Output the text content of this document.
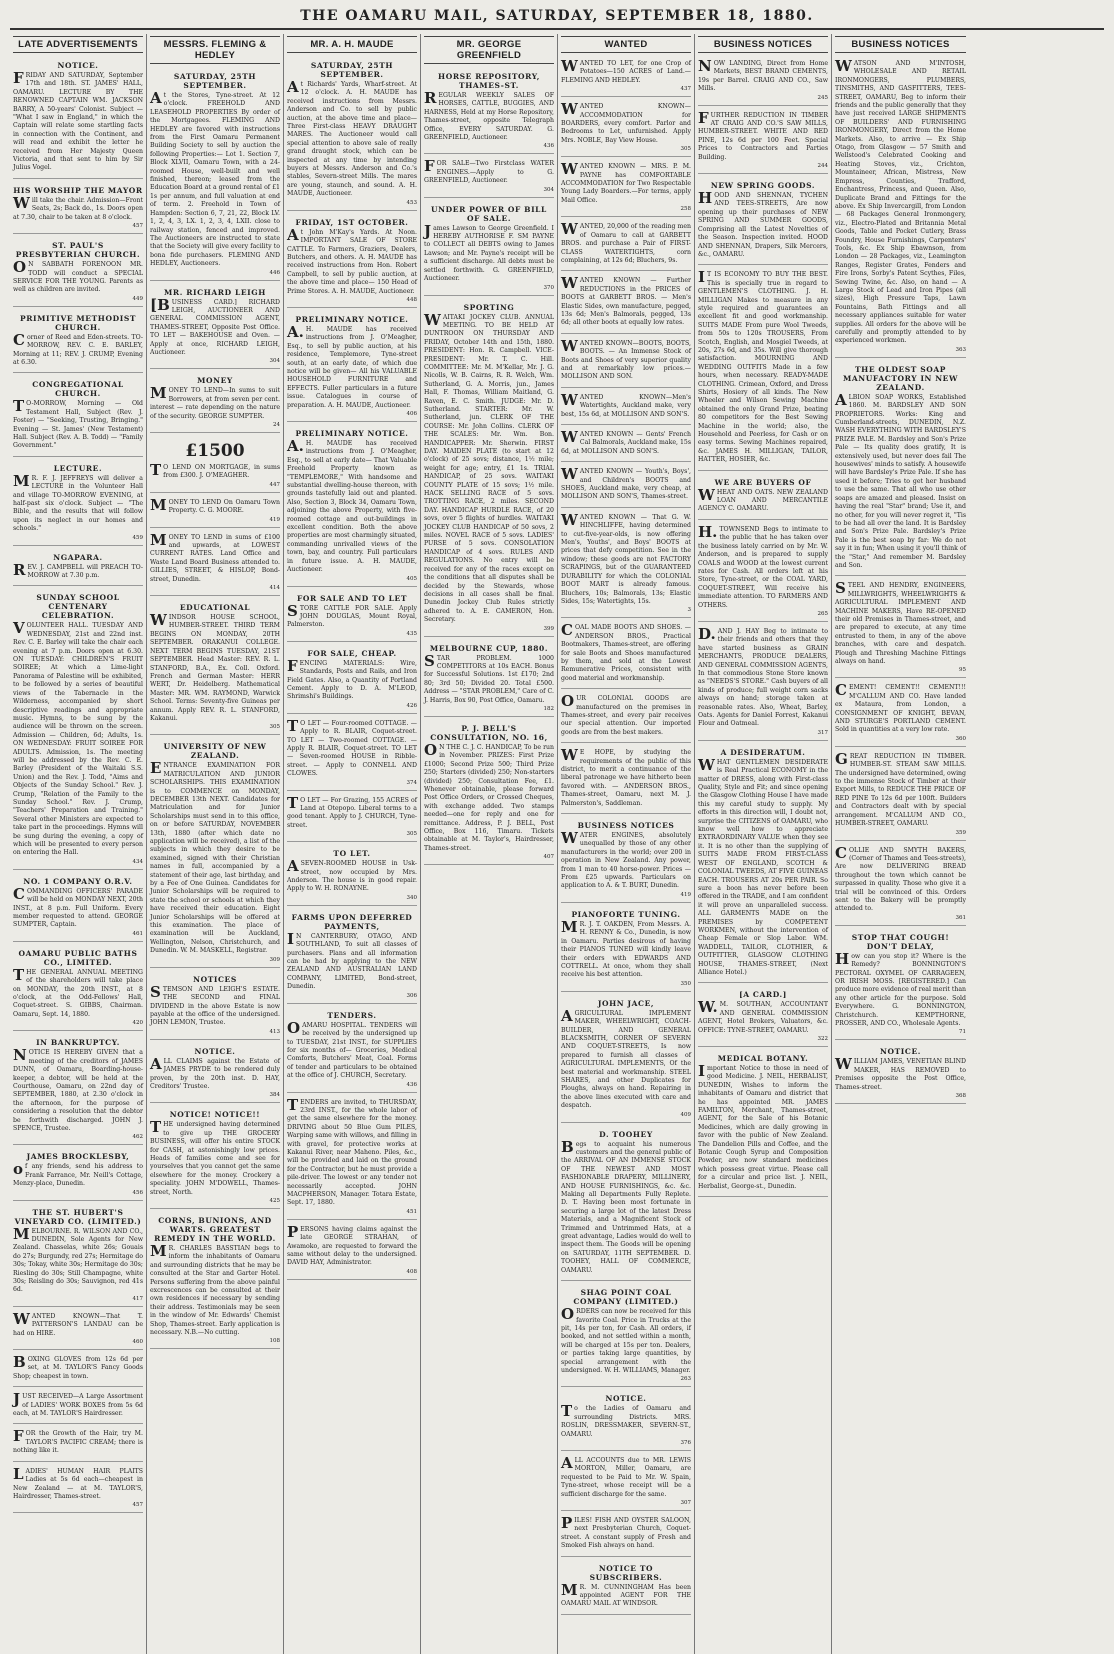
THE OAMARU MAIL, SATURDAY, SEPTEMBER 18, 1880.
LATE ADVERTISEMENTS
NOTICE.
FRIDAY AND SATURDAY, September 17th and 18th. ST. JAMES' HALL, OAMARU. LECTURE BY THE RENOWNED CAPTAIN WM. JACKSON BARRY, A 50-years' Colonist. Subject — "What I saw in England," in which the Captain will relate some startling facts in connection with the Continent, and will read and exhibit the letter he received from Her Majesty Queen Victoria, and that sent to him by Sir Julius Vogel.
HIS WORSHIP THE MAYOR
Will take the chair. Admission—Front Seats, 2s; Back do., 1s. Doors open at 7.30, chair to be taken at 8 o'clock.
457
ST. PAUL'S PRESBYTERIAN CHURCH.
ON SABBATH FORENOON MR. TODD will conduct a SPECIAL SERVICE FOR THE YOUNG. Parents as well as children are invited.
449
PRIMITIVE METHODIST CHURCH.
Corner of Reed and Eden-streets. TO-MORROW, REV. C. E. BARLEY, Morning at 11; REV. J. CRUMP, Evening at 6.30.
CONGREGATIONAL CHURCH.
TO-MORROW, Morning — Old Testament Hall, Subject (Rev. J. Foster) — "Seeking, Trusting, Bringing." Evening — St. James' (New Testament) Hall. Subject (Rev. A. B. Todd) — "Family Government."
LECTURE.
MR. F. J. JEFFREYS will deliver a LECTURE in the Volunteer Hall and village TO-MORROW EVENING, at half-past six o'clock. Subject — "The Bible, and the results that will follow upon its neglect in our homes and schools."
459
NGAPARA.
REV. J. CAMPBELL will PREACH TO-MORROW at 7.30 p.m.
SUNDAY SCHOOL CENTENARY CELEBRATION.
VOLUNTEER HALL. TUESDAY AND WEDNESDAY, 21st and 22nd inst. Rev. C. E. Barley will take the chair each evening at 7 p.m. Doors open at 6.30. ON TUESDAY: CHILDREN'S FRUIT SOIREE; At which a Lime-light Panorama of Palestine will be exhibited, to be followed by a series of beautiful views of the Tabernacle in the Wilderness, accompanied by short descriptive readings and appropriate music. Hymns, to be sung by the audience will be thrown on the screen. Admission — Children, 6d; Adults, 1s. ON WEDNESDAY: FRUIT SOIREE FOR ADULTS. Admission, 1s. The meeting will be addressed by the Rev. C. E. Barley (President of the Waitaki S.S. Union) and the Rev. J. Todd, "Aims and Objects of the Sunday School." Rev. J. Crump, "Relation of the Family to the Sunday School." Rev. J. Crump, "Teachers' Preparation and Training." Several other Ministers are expected to take part in the proceedings. Hymns will be sung during the evening, a copy of which will be presented to every person on entering the Hall.
434
NO. 1 COMPANY O.R.V.
COMMANDING OFFICERS' PARADE will be held on MONDAY NEXT, 20th INST., at 8 p.m. Full Uniform. Every member requested to attend. GEORGE SUMPTER, Captain.
461
OAMARU PUBLIC BATHS CO., LIMITED.
THE GENERAL ANNUAL MEETING of the shareholders will take place on MONDAY, the 20th INST., at 8 o'clock, at the Odd-Fellows' Hall, Coquet-street. S. GIBBS, Chairman. Oamaru, Sept. 14, 1880.
420
IN BANKRUPTCY.
NOTICE IS HEREBY GIVEN that a meeting of the creditors of JAMES DUNN, of Oamaru, Boarding-house-keeper, a debtor, will be held at the Courthouse, Oamaru, on 22nd day of SEPTEMBER, 1880, at 2.30 o'clock in the afternoon, for the purpose of considering a resolution that the debtor be forthwith discharged. JOHN J. SPENCE, Trustee.
462
JAMES BROCKLESBY,
of any friends, send his address to Frank Farrance, Mr. Neill's Cottage, Menzy-place, Dunedin.
456
THE ST. HUBERT'S VINEYARD CO. (LIMITED.)
MELBOURNE. R. WILSON AND CO., DUNEDIN, Sole Agents for New Zealand. Chasselas, white 26s; Gouais do 27s; Burgundy, red 27s; Hermitage do 30s; Tokay, white 30s; Hermitage do 30s; Riesling do 30s; Still Champagne, white 30s; Reisling do 30s; Sauvignon, red 41s 6d.
417
WANTED KNOWN—That T. PATTERSON'S LANDAU can be had on HIRE.
460
BOXING GLOVES from 12s 6d per set, at M. TAYLOR'S Fancy Goods Shop; cheapest in town.
JUST RECEIVED—A Large Assortment of LADIES' WORK BOXES from 5s 6d each, at M. TAYLOR'S Hairdresser.
FOR the Growth of the Hair, try M. TAYLOR'S PACIFIC CREAM; there is nothing like it.
LADIES' HUMAN HAIR PLAITS Ladies at 5s 6d each—cheapest in New Zealand — at M. TAYLOR'S, Hairdresser, Thames-street.
457
MESSRS. FLEMING & HEDLEY
SATURDAY, 25TH SEPTEMBER.
At the Stores, Tyne-street. At 12 o'clock. FREEHOLD AND LEASEHOLD PROPERTIES By order of the Mortgagees. FLEMING AND HEDLEY are favored with instructions from the First Oamaru Permanent Building Society to sell by auction the following Properties:— Lot 1. Section 7, Block XLVII, Oamaru Town, with a 24-roomed House, well-built and well finished, thereon; leased from the Education Board at a ground rental of £1 1s per annum, and full valuation at end of term. 2. Freehold in Town of Hampden: Section 6, 7, 21, 22, Block LV. 1, 2, 4, 3, LX. 1, 2, 3, 4, LXII. close to railway station, fenced and improved. The Auctioneers are instructed to state that the Society will give every facility to bona fide purchasers. FLEMING AND HEDLEY, Auctioneers.
446
MR. RICHARD LEIGH
[BUSINESS CARD.] RICHARD LEIGH, AUCTIONEER AND GENERAL COMMISSION AGENT, THAMES-STREET, Opposite Post Office. TO LET — BAKEHOUSE and Oven. — Apply at once, RICHARD LEIGH, Auctioneer.
304
MONEY
MONEY TO LEND—In sums to suit Borrowers, at from seven per cent. interest — rate depending on the nature of the security. GEORGE SUMPTER.
24
£1500
TO LEND ON MORTGAGE, in sums from £300. J. O'MEAGHER.
447
MONEY TO LEND On Oamaru Town Property. C. G. MOORE.
419
MONEY TO LEND in sums of £100 and upwards, at LOWEST CURRENT RATES. Land Office and Waste Land Board Business attended to. GILLIES, STREET, & HISLOP, Bond-street, Dunedin.
414
EDUCATIONAL
WINDSOR HOUSE SCHOOL, HUMBER-STREET. THIRD TERM BEGINS ON MONDAY, 20TH SEPTEMBER. ORAKANUI COLLEGE. NEXT TERM BEGINS TUESDAY, 21ST SEPTEMBER. Head Master: REV. R. L. STANFORD, B.A., Ex. Coll. Oxford. French and German Master: HERR WERT, Dr. Heidelberg. Mathematical Master: MR. WM. RAYMOND, Warwick School. Terms: Seventy-five Guineas per annum. Apply REV. R. L. STANFORD, Kakanui.
305
UNIVERSITY OF NEW ZEALAND.
ENTRANCE EXAMINATION FOR MATRICULATION AND JUNIOR SCHOLARSHIPS. THIS EXAMINATION is to COMMENCE on MONDAY, DECEMBER 13th NEXT. Candidates for Matriculation and for Junior Scholarships must send in to this office, on or before SATURDAY, NOVEMBER 13th, 1880 (after which date no application will be received), a list of the subjects in which they desire to be examined, signed with their Christian names in full, accompanied by a statement of their age, last birthday, and by a Fee of One Guinea. Candidates for Junior Scholarships will be required to state the school or schools at which they have received their education. Eight Junior Scholarships will be offered at this examination. The place of examination will be Auckland, Wellington, Nelson, Christchurch, and Dunedin. W. M. MASKELL, Registrar.
309
NOTICES
STEMSON AND LEIGH'S ESTATE. THE SECOND and FINAL DIVIDEND in the above Estate is now payable at the office of the undersigned. JOHN LEMON, Trustee.
413
NOTICE.
ALL CLAIMS against the Estate of JAMES PRYDE to be rendered duly proven, by the 20th inst. D. HAY, Creditors' Trustee.
384
NOTICE! NOTICE!!
THE undersigned having determined to give up THE GROCERY BUSINESS, will offer his entire STOCK for CASH, at astonishingly low prices. Heads of families come and see for yourselves that you cannot get the same elsewhere for the money. Crockery a speciality. JOHN M'DOWELL, Thames-street, North.
425
CORNS, BUNIONS, AND WARTS. GREATEST REMEDY IN THE WORLD.
MR. CHARLES BASSTIAN begs to inform the inhabitants of Oamaru and surrounding districts that he may be consulted at the Star and Garter Hotel. Persons suffering from the above painful excrescences can be consulted at their own residences if necessary by sending their address. Testimonials may be seen in the window of Mr. Edwards' Chemist Shop, Thames-street. Early application is necessary. N.B.—No cutting.
108
MR. A. H. MAUDE
SATURDAY, 25TH SEPTEMBER.
At Richards' Yards, Wharf-street. At 12 o'clock. A. H. MAUDE has received instructions from Messrs. Anderson and Co. to sell by public auction, at the above time and place— Three First-class HEAVY DRAUGHT MARES. The Auctioneer would call special attention to above sale of really grand draught stock, which can be inspected at any time by intending buyers at Messrs. Anderson and Co.'s stables, Severn-street Mills. The mares are young, staunch, and sound. A. H. MAUDE, Auctioneer.
453
FRIDAY, 1ST OCTOBER.
At John M'Kay's Yards. At Noon. IMPORTANT SALE OF STORE CATTLE. To Farmers, Graziers, Dealers, Butchers, and others. A. H. MAUDE has received instructions from Hon. Robert Campbell, to sell by public auction, at the above time and place— 150 Head of Prime Stores. A. H. MAUDE, Auctioneer.
448
PRELIMINARY NOTICE.
A.H. MAUDE has received instructions from J. O'Meagher, Esq., to sell by public auction, at his residence, Templemore, Tyne-street south, at an early date, of which due notice will be given— All his VALUABLE HOUSEHOLD FURNITURE and EFFECTS. Fuller particulars in a future issue. Catalogues in course of preparation. A. H. MAUDE, Auctioneer.
406
PRELIMINARY NOTICE.
A.H. MAUDE has received instructions from J. O'Meagher, Esq., to sell at early date— That Valuable Freehold Property known as "TEMPLEMORE," With handsome and substantial dwelling-house thereon, with grounds tastefully laid out and planted. Also, Section 3, Block 34, Oamaru Town, adjoining the above Property, with five-roomed cottage and out-buildings in excellent condition. Both the above properties are most charmingly situated, commanding unrivalled views of the town, bay, and country. Full particulars in future issue. A. H. MAUDE, Auctioneer.
405
FOR SALE AND TO LET
STORE CATTLE FOR SALE. Apply JOHN DOUGLAS, Mount Royal, Palmerston.
435
FOR SALE, CHEAP.
FENCING MATERIALS: Wire, Standards, Posts and Rails, and Iron Field Gates. Also, a Quantity of Portland Cement. Apply to D. A. M'LEOD, Shrimshi's Buildings.
426
TO LET — Four-roomed COTTAGE. — Apply to R. BLAIR, Coquet-street. TO LET — Two-roomed COTTAGE. — Apply R. BLAIR, Coquet-street. TO LET — Seven-roomed HOUSE in Ribble-street. — Apply to CONNELL AND CLOWES.
374
TO LET — For Grazing, 155 ACRES of Land at Otepopo. Liberal terms to a good tenant. Apply to J. CHURCH, Tyne-street.
305
TO LET.
ASEVEN-ROOMED HOUSE in Usk-street, now occupied by Mrs. Anderson. The house is in good repair. Apply to W. H. RONAYNE.
340
FARMS UPON DEFERRED PAYMENTS,
IN CANTERBURY, OTAGO, AND SOUTHLAND, To suit all classes of purchasers. Plans and all information can be had by applying to the NEW ZEALAND AND AUSTRALIAN LAND COMPANY, LIMITED, Bond-street, Dunedin.
306
TENDERS.
OAMARU HOSPITAL. TENDERS will be received by the undersigned up to TUESDAY, 21st INST., for SUPPLIES for six months of— Groceries, Medical Comforts, Butchers' Meat, Coal. Forms of tender and particulars to be obtained at the office of J. CHURCH, Secretary.
436
TENDERS are invited, to THURSDAY, 23rd INST., for the whole labor of get the same elsewhere for the money. DRIVING about 50 Blue Gum PILES, Warping same with willows, and filling in with gravel, for protective works at Kakanui River, near Maheno. Piles, &c., will be provided and laid on the ground for the Contractor, but he must provide a pile-driver. The lowest or any tender not necessarily accepted. JOHN MACPHERSON, Manager. Totara Estate, Sept. 17, 1880.
451
PERSONS having claims against the late GEORGE STRAHAN, of Awamoko, are requested to forward the same without delay to the undersigned. DAVID HAY, Administrator.
408
MR. GEORGE GREENFIELD
HORSE REPOSITORY, THAMES-ST.
REGULAR WEEKLY SALES OF HORSES, CATTLE, BUGGIES, AND HARNESS, Held at my Horse Repository, Thames-street, opposite Telegraph Office, EVERY SATURDAY. G. GREENFIELD, Auctioneer.
436
FOR SALE—Two Firstclass WATER ENGINES.—Apply to G. GREENFIELD, Auctioneer.
304
UNDER POWER OF BILL OF SALE.
James Lawson to George Greenfield. I HEREBY AUTHORISE F. SM PAYNE to COLLECT all DEBTS owing to James Lawson; and Mr. Payne's receipt will be a sufficient discharge. All debts must be settled forthwith. G. GREENFIELD, Auctioneer.
370
SPORTING
WAITAKI JOCKEY CLUB. ANNUAL MEETING. TO BE HELD AT DUNTROON ON THURSDAY AND FRIDAY, October 14th and 15th, 1880. PRESIDENT: Hon. R. Campbell. VICE-PRESIDENT: Mr. T. C. Hill. COMMITTEE: Mr. M. M'Kellar, Mr. J. G. Nicolls, W. B. Cairns, R. R. Welch, Wm. Sutherland, G. A. Morris, jun., James Hall, F. Thomas, William Maitland, G. Raven, E. C. Smith. JUDGE: Mr. D. Sutherland. STARTER: Mr. W. Sutherland, jun. CLERK OF THE COURSE: Mr. John Collins. CLERK OF THE SCALES: Mr. Wm. Bon. HANDICAPPER: Mr. Sherwin. FIRST DAY. MAIDEN PLATE (to start at 12 o'clock) of 25 sovs; distance, 1½ mile; weight for age; entry, £1 1s. TRIAL HANDICAP, of 25 sovs. WAITAKI COUNTY PLATE of 15 sovs; 1½ mile. HACK SELLING RACE of 5 sovs. TROTTING RACE, 2 miles. SECOND DAY. HANDICAP HURDLE RACE, of 20 sovs, over 5 flights of hurdles. WAITAKI JOCKEY CLUB HANDICAP of 50 sovs, 2 miles. NOVEL RACE of 5 sovs. LADIES' PURSE of 5 sovs. CONSOLATION HANDICAP of 4 sovs. RULES AND REGULATIONS. No entry will be received for any of the races except on the conditions that all disputes shall be decided by the Stewards, whose decisions in all cases shall be final. Dunedin Jockey Club Rules strictly adhered to. A. E. CAMERON, Hon. Secretary.
399
MELBOURNE CUP, 1880.
STAR PROBLEM. 1000 COMPETITORS at 10s EACH. Bonus for Successful Solutions. 1st £170; 2nd 80; 3rd 50; Divided 20. Total £500. Address — "STAR PROBLEM," Care of C. J. Harris, Box 90, Post Office, Oamaru.
182
P. J. BELL'S CONSULTATION, NO. 16,
ON THE C. J. C. HANDICAP, To be run in November. PRIZES: First Prize £1000; Second Prize 500; Third Prize 250; Starters (divided) 250; Non-starters (divided) 250; Consultation Fee, £1. Whenever obtainable, please forward Post Office Orders, or Crossed Cheques, with exchange added. Two stamps needed—one for reply and one for remittance. Address, P. J. BELL, Post Office, Box 116, Timaru. Tickets obtainable at M. Taylor's, Hairdresser, Thames-street.
407
WANTED
WANTED TO LET, for one Crop of Potatoes—150 ACRES of Land.—FLEMING AND HEDLEY.
437
WANTED KNOWN—ACCOMMODATION for BOARDERS, every comfort. Parlor and Bedrooms to Let, unfurnished. Apply Mrs. NOBLE, Bay View House.
305
WANTED KNOWN — MRS. P. M. PAYNE has COMFORTABLE ACCOMMODATION for Two Respectable Young Lady Boarders.—For terms, apply Mail Office.
258
WANTED, 20,000 of the reading men of Oamaru to call at GARBETT BROS. and purchase a Pair of FIRST-CLASS WATERTIGHTS, corn complaining, at 12s 6d; Bluchers, 9s.
WANTED KNOWN — Further REDUCTIONS in the PRICES of BOOTS at GARBETT BROS. — Men's Elastic Sides, own manufacture, pegged, 13s 6d; Men's Balmorals, pegged, 13s 6d; all other boots at equally low rates.
WANTED KNOWN—BOOTS, BOOTS, BOOTS. — An Immense Stock of Boots and Shoes of very superior quality and at remarkably low prices.—MOLLISON AND SON.
WANTED KNOWN—Men's Watertights, Auckland make, very best, 15s 6d, at MOLLISON AND SON'S.
WANTED KNOWN — Gents' French Cal Balmorals, Auckland make, 15s 6d, at MOLLISON AND SON'S.
WANTED KNOWN — Youth's, Boys', and Children's BOOTS and SHOES, Auckland make, very cheap, at MOLLISON AND SON'S, Thames-street.
WANTED KNOWN — That G. W. HINCHLIFFE, having determined to cut-five-year-olds, is now offering Men's, Youths', and Boys' BOOTS at prices that defy competition. See in the window; these goods are not FACTORY SCRAPINGS, but of the GUARANTEED DURABILITY for which the COLONIAL BOOT MART is already famous. Bluchers, 10s; Balmorals, 13s; Elastic Sides, 15s; Watertights, 15s.
3
COAL MADE BOOTS AND SHOES. — ANDERSON BROS., Practical Bootmakers, Thames-street, are offering for sale Boots and Shoes manufactured by them, and sold at the Lowest Remunerative Prices, consistent with good material and workmanship.
OUR COLONIAL GOODS are manufactured on the premises in Thames-street, and every pair receives our special attention. Our imported goods are from the best makers.
WE HOPE, by studying the requirements of the public of this district, to merit a continuance of the liberal patronage we have hitherto been favored with. — ANDERSON BROS., Thames-street, Oamaru, next M. J. Palmerston's, Saddleman.
BUSINESS NOTICES
WATER ENGINES, absolutely unequalled by those of any other manufacturers in the world; over 200 in operation in New Zealand. Any power, from 1 man to 40 horse-power. Prices — From £25 upwards. Particulars on application to A. & T. BURT, Dunedin.
419
PIANOFORTE TUNING.
MR. J. T. OAKDEN, From Messrs. A. H. RENNY & Co., Dunedin, is now in Oamaru. Parties desirous of having their PIANOS TUNED will kindly leave their orders with EDWARDS AND COTTRELL. At once, whom they shall receive his best attention.
350
JOHN JACE,
AGRICULTURAL IMPLEMENT MAKER, WHEELWRIGHT, COACH-BUILDER, AND GENERAL BLACKSMITH, CORNER OF SEVERN AND COQUET-STREETS, Is now prepared to furnish all classes of AGRICULTURAL IMPLEMENTS, Of the best material and workmanship. STEEL SHARES, and other Duplicates for Ploughs, always on hand. Repairing in the above lines executed with care and despatch.
409
D. TOOHEY
Begs to acquaint his numerous customers and the general public of the ARRIVAL OF AN IMMENSE STOCK OF THE NEWEST AND MOST FASHIONABLE DRAPERY, MILLINERY, AND HOUSE FURNISHINGS, &c. &c. Making all Departments Fully Replete. D. T. Having been most fortunate in securing a large lot of the latest Dress Materials, and a Magnificent Stock of Trimmed and Untrimmed Hats, at a great advantage, Ladies would do well to inspect them. The Goods will be opening on SATURDAY, 11TH SEPTEMBER. D. TOOHEY, HALL OF COMMERCE, OAMARU.
SHAG POINT COAL COMPANY (LIMITED.)
ORDERS can now be received for this favorite Coal. Price in Trucks at the pit, 14s per ton, for Cash. All orders, if booked, and not settled within a month, will be charged at 15s per ton. Dealers, or parties taking large quantities, by special arrangement with the undersigned. W. H. WILLIAMS, Manager.
263
NOTICE.
To the Ladies of Oamaru and surrounding Districts. MRS. ROSLIN, DRESSMAKER, SEVERN-ST., OAMARU.
376
ALL ACCOUNTS due to MR. LEWIS MORTON, Miller, Oamaru, are requested to be Paid to Mr. W. Spain, Tyne-street, whose receipt will be a sufficient discharge for the same.
307
PILES! FISH AND OYSTER SALOON, next Presbyterian Church, Coquet-street. A constant supply of Fresh and Smoked Fish always on hand.
NOTICE TO SUBSCRIBERS.
MR. M. CUNNINGHAM Has been appointed AGENT FOR THE OAMARU MAIL AT WINDSOR.
BUSINESS NOTICES
NOW LANDING, Direct from Home Markets, BEST BRAND CEMENTS, 19s per Barrel. CRAIG AND CO., Saw Mills.
245
FURTHER REDUCTION IN TIMBER AT CRAIG AND CO.'S SAW MILLS, HUMBER-STREET. WHITE AND RED PINE, 12s 6d per 100 Feet. Special Prices to Contractors and Parties Building.
244
NEW SPRING GOODS.
HOOD AND SHENNAN, TYCHEN AND TEES-STREETS, Are now opening up their purchases of NEW SPRING AND SUMMER GOODS, Comprising all the Latest Novelties of the Season. Inspection invited. HOOD AND SHENNAN, Drapers, Silk Mercers, &c., OAMARU.
IT IS ECONOMY TO BUY THE BEST. This is specially true in regard to GENTLEMEN'S CLOTHING. J. H. MILLIGAN Makes to measure in any style required and guarantees an excellent fit and good workmanship. SUITS MADE From pure Wool Tweeds, from 50s to 120s TROUSERS, From Scotch, English, and Mosgiel Tweeds, at 20s, 27s 6d, and 35s. Will give thorough satisfaction. MOURNING AND WEDDING OUTFITS Made in a few hours, when necessary. READY-MADE CLOTHING. Crimean, Oxford, and Dress Shirts, Hosiery of all kinds. The New Wheeler and Wilson Sewing Machine obtained the only Grand Prize, beating 80 competitors for the Best Sewing Machine in the world; also, the Household and Peerless, for Cash or on easy terms. Sewing Machines repaired, &c. JAMES H. MILLIGAN, TAILOR, HATTER, HOSIER, &c.
WE ARE BUYERS OF
WHEAT AND OATS. NEW ZEALAND LOAN AND MERCANTILE AGENCY C. OAMARU.
H.TOWNSEND Begs to intimate to the public that he has taken over the business lately carried on by Mr. W. Anderson, and is prepared to supply COALS and WOOD at the lowest current rates for Cash. All orders left at his Store, Tyne-street, or the COAL YARD, COQUET-STREET, Will receive his immediate attention. TO FARMERS AND OTHERS.
265
D.AND J. HAY Beg to intimate to their friends and others that they have started business as GRAIN MERCHANTS, PRODUCE DEALERS, AND GENERAL COMMISSION AGENTS, In that commodious Stone Store known as "NEEDS'S STORE." Cash buyers of all kinds of produce; full weight corn sacks always on hand; storage taken at reasonable rates. Also, Wheat, Barley, Oats. Agents for Daniel Forrest, Kakanui Flour and Oatmeal.
317
A DESIDERATUM.
WHAT GENTLEMEN DESIDERATE is Real Practical ECONOMY in the matter of DRESS, along with First-class Quality, Style and Fit; and since opening the Glasgow Clothing House I have made this my careful study to supply. My efforts in this direction will, I doubt not, surprise the CITIZENS of OAMARU, who know well how to appreciate EXTRAORDINARY VALUE when they see it. It is no other than the supplying of SUITS MADE FROM FIRST-CLASS WEST OF ENGLAND, SCOTCH & COLONIAL TWEEDS, AT FIVE GUINEAS EACH. TROUSERS AT 20s PER PAIR. So sure a boon has never before been offered in the TRADE, and I am confident it will prove an unparalleled success. ALL GARMENTS MADE on the PREMISES by COMPETENT WORKMEN, without the intervention of Cheap Female or Slop Labor. WM. WADDELL, TAILOR, CLOTHIER, & OUTFITTER, GLASGOW CLOTHING HOUSE, THAMES-STREET, (Next Alliance Hotel.)
[A CARD.]
W.M. SOUTHAN, ACCOUNTANT AND GENERAL COMMISSION AGENT, Hotel Brokers, Valuators, &c. OFFICE: TYNE-STREET, OAMARU.
322
MEDICAL BOTANY.
Important Notice to those in need of good Medicine. J. NEIL, HERBALIST, DUNEDIN, Wishes to inform the inhabitants of Oamaru and district that he has appointed MR. JAMES FAMILTON, Merchant, Thames-street, AGENT, for the Sale of his Botanic Medicines, which are daily growing in favor with the public of New Zealand. The Dandelion Pills and Coffee, and the Botanic Cough Syrup and Composition Powder, are now standard medicines which possess great virtue. Please call for a circular and price list. J. NEIL, Herbalist, George-st., Dunedin.
BUSINESS NOTICES
WATSON AND M'INTOSH, WHOLESALE AND RETAIL IRONMONGERS, PLUMBERS, TINSMITHS, AND GASFITTERS, TEES-STREET, OAMARU, Beg to inform their friends and the public generally that they have just received LARGE SHIPMENTS OF BUILDERS' AND FURNISHING IRONMONGERY, Direct from the Home Markets. Also, to arrive — Ex Ship Otago, from Glasgow — 57 Smith and Wellstood's Celebrated Cooking and Heating Stoves, viz., Crichton, Mountaineer, African, Mistress, New Empress, Counties, Trafford, Enchantress, Princess, and Queen. Also, Duplicate Brand and Fittings for the above. Ex Ship Invercargill, from London — 68 Packages General Ironmongery, viz., Electro-Plated and Britannia Metal Goods, Table and Pocket Cutlery, Brass Foundry, House Furnishings, Carpenters' Tools, &c. Ex Ship Ebawnson, from London — 28 Packages, viz., Leamington Ranges, Register Grates, Fenders and Fire Irons, Sorby's Patent Scythes, Files, Sewing Twine, &c. Also, on hand — A Large Stock of Lead and Iron Pipes (all sizes), High Pressure Taps, Lawn Fountains, Bath Fittings and all necessary appliances suitable for water supplies. All orders for the above will be carefully and promptly attended to by experienced workmen.
363
THE OLDEST SOAP MANUFACTORY IN NEW ZEALAND.
ALBION SOAP WORKS, Established 1860. M. BARDSLEY AND SON PROPRIETORS. Works: King and Cumberland-streets, DUNEDIN, N.Z. WASH EVERYTHING WITH BARDSLEY'S PRIZE PALE. M. Bardsley and Son's Prize Pale — Its quality does gratify, It is extensively used, but never does fail The housewives' minds to satisfy. A housewife will have Bardsley's Prize Pale. If she has used it before; Tries to get her husband to use the same. That all who use other soaps are amazed and pleased. Insist on having the real "Star" brand; Use it, and no other, for you will never regret it, "Tis to be had all over the land. It is Bardsley and Son's Prize Pale. Bardsley's Prize Pale is the best soap by far: We do not say it in fun; When using it you'll think of the "Star," And remember M. Bardsley and Son.
STEEL AND HENDRY, ENGINEERS, MILLWRIGHTS, WHEELWRIGHTS & AGRICULTURAL IMPLEMENT AND MACHINE MAKERS, Have RE-OPENED their old Premises in Thames-street, and are prepared to execute, at any time entrusted to them, in any of the above branches, with care and despatch. Plough and Threshing Machine Fittings always on hand.
95
CEMENT! CEMENT!! CEMENT!!! M'CALLUM AND CO. Have landed ex Mataura, from London, a CONSIGNMENT OF KNIGHT, BEVAN, AND STURGE'S PORTLAND CEMENT. Sold in quantities at a very low rate.
360
GREAT REDUCTION IN TIMBER. HUMBER-ST. STEAM SAW MILLS. The undersigned have determined, owing to the immense Stock of Timber at their Export Mills, to REDUCE THE PRICE OF RED PINE To 12s 6d per 100ft. Builders and Contractors dealt with by special arrangement. M'CALLUM AND CO., HUMBER-STREET, OAMARU.
359
COLLIE AND SMYTH BAKERS, (Corner of Thames and Tees-streets), Are now DELIVERING BREAD throughout the town which cannot be surpassed in quality. Those who give it a trial will be convinced of this. Orders sent to the Bakery will be promptly attended to.
361
STOP THAT COUGH! DON'T DELAY,
How can you stop it? Where is the Remedy? BONNINGTON'S PECTORAL OXYMEL OF CARRAGEEN, OR IRISH MOSS. [REGISTERED.] Can produce more evidence of real merit than any other article for the purpose. Sold Everywhere. G. BONNINGTON, Christchurch. KEMPTHORNE, PROSSER, AND CO., Wholesale Agents.
71
NOTICE.
WILLIAM JAMES, VENETIAN BLIND MAKER, HAS REMOVED to Premises opposite the Post Office, Thames-street.
368
